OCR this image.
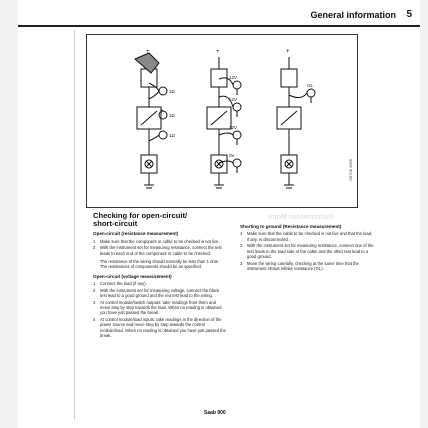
General information 5
Instrumenten Moire
+	+	+
1Ω
1Ω
1Ω
12V
12V
12V
0V
OL
D8706 4965
Checking for open-circuit/
short-circuit
Open-circuit (resistance measurement)
1	Make sure that the component or cable to be checked is not live.
2	With the instrument set for measuring resistance, connect the test leads to each end of the component or cable to be checked.
The resistance of the wiring should normally be less than 1 ohm. The resistances of components should be as specified.
Open-circuit (voltage measurement)
1	Connect the load (if any).
2	With the instrument set for measuring voltage, connect the black test lead to a good ground and the red test lead to the wiring.
3	At control module/switch outputs: take readings from them and move step by step towards the load. When no reading is obtained you have just passed the break.
4	At control module/load inputs: take readings in the direction of the power source and move step by step towards the control module/load. When no reading is obtained you have just passed the break.
Shorting to ground (Resistance measurement)
1	Make sure that the cable to be checked is not live and that the load, if any, is disconnected.
2	With the instrument set for measuring resistance, connect one of the test leads to the load side of the cable and the other test lead to a good ground.
3	Move the wiring carefully, checking at the same time that the instrument shows infinite resistance (OL).
Saab 900
